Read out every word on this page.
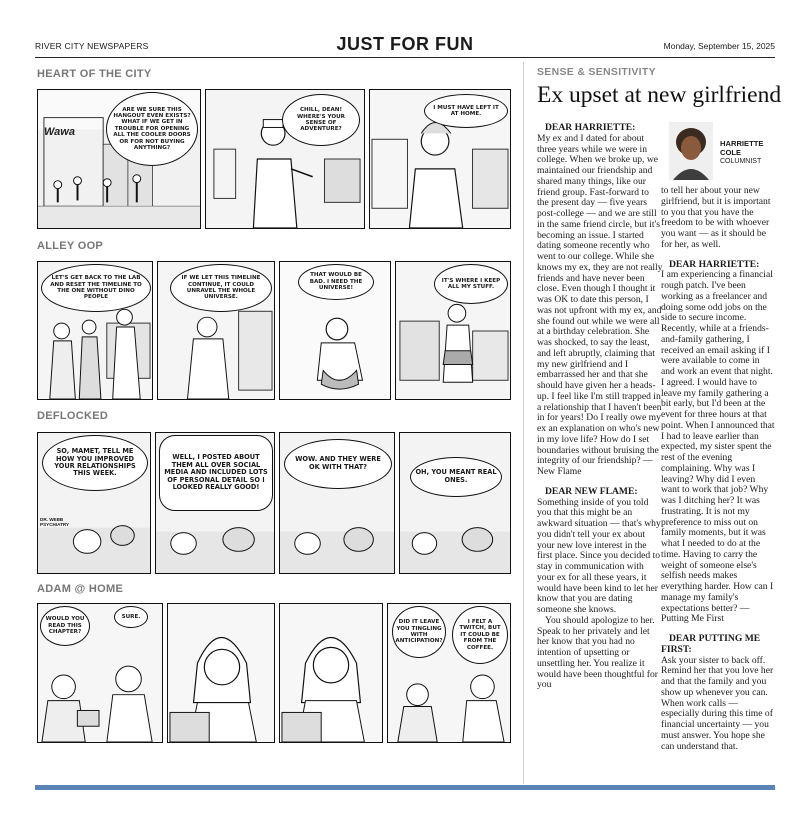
RIVER CITY NEWSPAPERS	JUST FOR FUN	Monday, September 15, 2025
HEART OF THE CITY
Wawa
ARE WE SURE THIS HANGOUT EVEN EXISTS? WHAT IF WE GET IN TROUBLE FOR OPENING ALL THE COOLER DOORS OR FOR NOT BUYING ANYTHING?
CHILL, DEAN! WHERE'S YOUR SENSE OF ADVENTURE?
I MUST HAVE LEFT IT AT HOME.
ALLEY OOP
LET'S GET BACK TO THE LAB AND RESET THE TIMELINE TO THE ONE WITHOUT DINO PEOPLE
IF WE LET THIS TIMELINE CONTINUE, IT COULD UNRAVEL THE WHOLE UNIVERSE.
THAT WOULD BE BAD. I NEED THE UNIVERSE!
IT'S WHERE I KEEP ALL MY STUFF.
DEFLOCKED
DR. WEBB PSYCHIATRY
SO, MAMET, TELL ME HOW YOU IMPROVED YOUR RELATIONSHIPS THIS WEEK.
WELL, I POSTED ABOUT THEM ALL OVER SOCIAL MEDIA AND INCLUDED LOTS OF PERSONAL DETAIL SO I LOOKED REALLY GOOD!
WOW. AND THEY WERE OK WITH THAT?
OH, YOU MEANT REAL ONES.
ADAM @ HOME
WOULD YOU READ THIS CHAPTER?
SURE.
DID IT LEAVE YOU TINGLING WITH ANTICIPATION?
I FELT A TWITCH, BUT IT COULD BE FROM THE COFFEE.
SENSE & SENSITIVITY
Ex upset at new girlfriend

DEAR HARRIETTE:
My ex and I dated for about three years while we were in college. When we broke up, we maintained our friendship and shared many things, like our friend group. Fast-forward to the present day — five years post-college — and we are still in the same friend circle, but it's becoming an issue. I started dating someone recently who went to our college. While she knows my ex, they are not really friends and have never been close. Even though I thought it was OK to date this person, I was not upfront with my ex, and she found out while we were all at a birthday celebration. She was shocked, to say the least, and left abruptly, claiming that my new girlfriend and I embarrassed her and that she should have given her a heads-up. I feel like I'm still trapped in a relationship that I haven't been in for years! Do I really owe my ex an explanation on who's new in my love life? How do I set boundaries without bruising the integrity of our friendship? — New Flame

DEAR NEW FLAME:
Something inside of you told you that this might be an awkward situation — that's why you didn't tell your ex about your new love interest in the first place. Since you decided to stay in communication with your ex for all these years, it would have been kind to let her know that you are dating someone she knows.

You should apologize to her. Speak to her privately and let her know that you had no intention of upsetting or unsettling her. You realize it would have been thoughtful for you

HARRIETTE
COLE
COLUMNIST

to tell her about your new girlfriend, but it is important to you that you have the freedom to be with whoever you want — as it should be for her, as well.

DEAR HARRIETTE:
I am experiencing a financial rough patch. I've been working as a freelancer and doing some odd jobs on the side to secure income. Recently, while at a friends-and-family gathering, I received an email asking if I were available to come in and work an event that night. I agreed. I would have to leave my family gathering a bit early, but I'd been at the event for three hours at that point. When I announced that I had to leave earlier than expected, my sister spent the rest of the evening complaining. Why was I leaving? Why did I even want to work that job? Why was I ditching her? It was frustrating. It is not my preference to miss out on family moments, but it was what I needed to do at the time. Having to carry the weight of someone else's selfish needs makes everything harder. How can I manage my family's expectations better? — Putting Me First

DEAR PUTTING ME FIRST:
Ask your sister to back off. Remind her that you love her and that the family and you show up whenever you can. When work calls — especially during this time of financial uncertainty — you must answer. You hope she can understand that.
